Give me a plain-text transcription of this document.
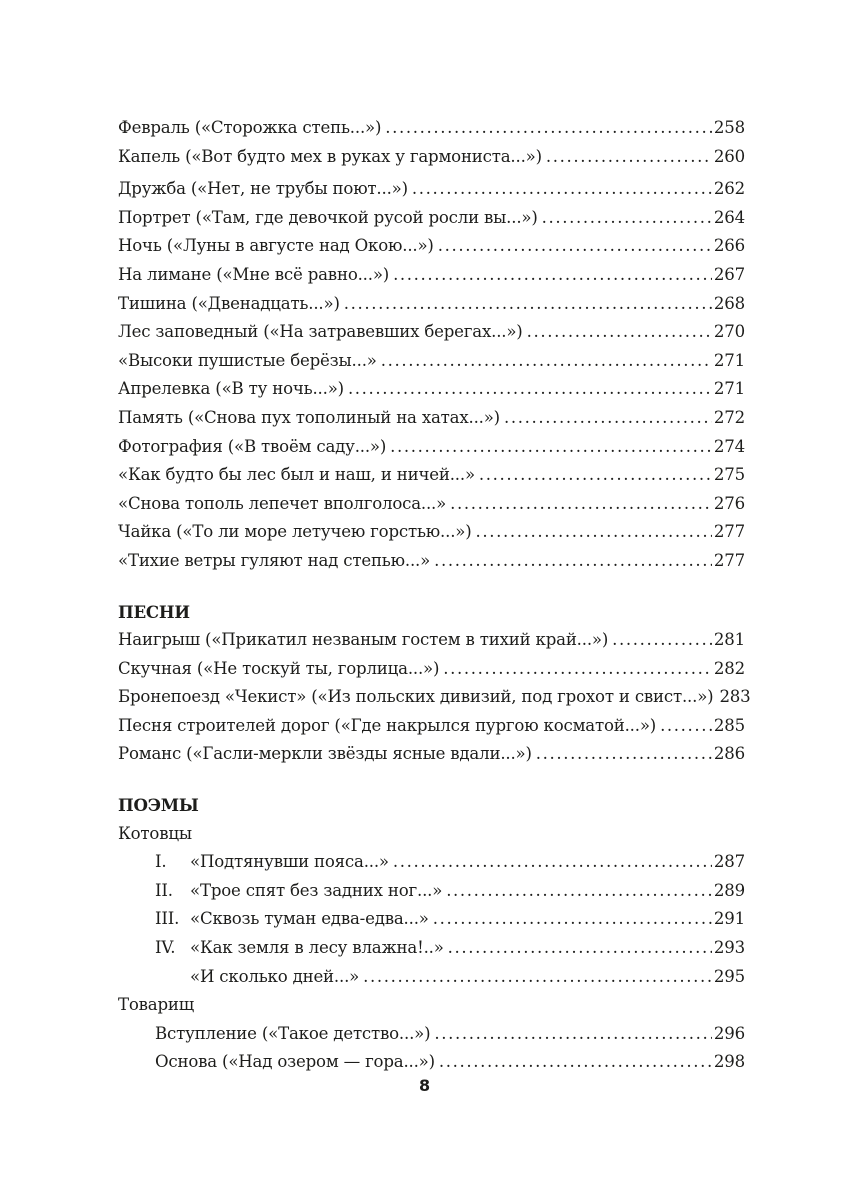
Февраль («Сторожка степь...») .....	258
Капель («Вот будто мех в руках у гармониста...») .....	260
Дружба («Нет, не трубы поют...») .....	262
Портрет («Там, где девочкой русой росли вы...») .....	264
Ночь («Луны в августе над Окою...») .....	266
На лимане («Мне всё равно...») .....	267
Тишина («Двенадцать...») .....	268
Лес заповедный («На затравевших берегах...») .....	270
«Высоки пушистые берёзы...» .....	271
Апрелевка («В ту ночь...») .....	271
Память («Снова пух тополиный на хатах...») .....	272
Фотография («В твоём саду...») .....	274
«Как будто бы лес был и наш, и ничей...» .....	275
«Снова тополь лепечет вполголоса...» .....	276
Чайка («То ли море летучею горстью...») .....	277
«Тихие ветры гуляют над степью...» .....	277
ПЕСНИ
Наигрыш («Прикатил незваным гостем в тихий край...») .....	281
Скучная («Не тоскуй ты, горлица...») .....	282
Бронепоезд «Чекист» («Из польских дивизий, под грохот и свист...») 283
Песня строителей дорог («Где накрылся пургою косматой...») .....	285
Романс («Гасли-меркли звёзды ясные вдали...») .....	286
ПОЭМЫ
Котовцы
I. «Подтянувши пояса...» .....	287
II. «Трое спят без задних ног...» .....	289
III. «Сквозь туман едва-едва...» .....	291
IV. «Как земля в лесу влажна!..» .....	293
«И сколько дней...» .....	295
Товарищ
Вступление («Такое детство...») .....	296
Основа («Над озером — гора...») .....	298
8
